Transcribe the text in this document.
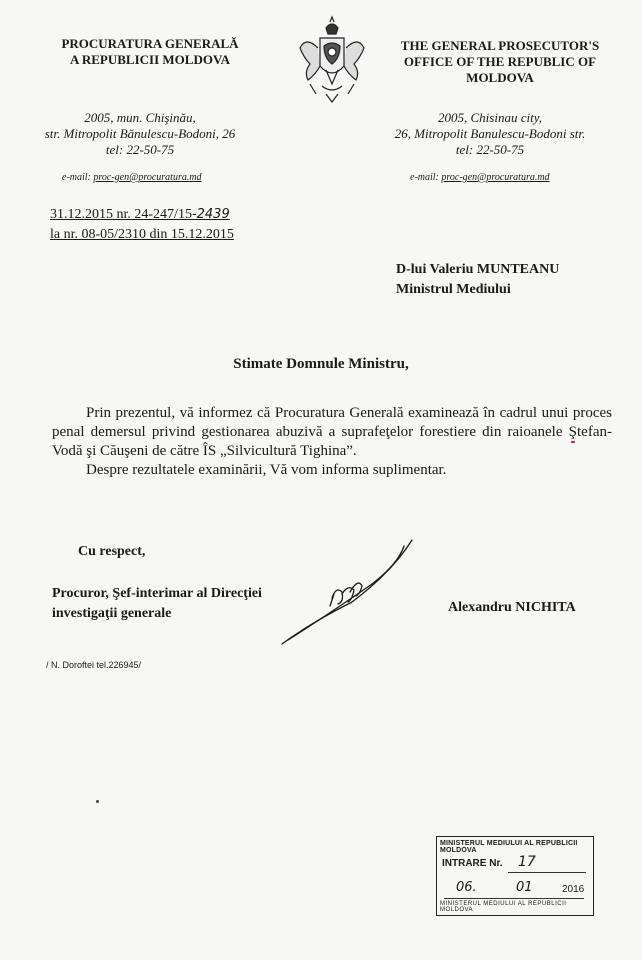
PROCURATURA GENERALĂ
A REPUBLICII MOLDOVA
THE GENERAL PROSECUTOR'S
OFFICE OF THE REPUBLIC OF
MOLDOVA
2005, mun. Chişinău,
str. Mitropolit Bănulescu-Bodoni, 26
tel: 22-50-75
2005, Chisinau city,
26, Mitropolit Banulescu-Bodoni str.
tel: 22-50-75
e-mail: proc-gen@procuratura.md	e-mail: proc-gen@procuratura.md
31.12.2015 nr. 24-247/15-2439
la nr. 08-05/2310 din 15.12.2015
D-lui Valeriu MUNTEANU
Ministrul Mediului
Stimate Domnule Ministru,

Prin prezentul, vă informez că Procuratura Generală examinează în cadrul unui proces penal demersul privind gestionarea abuzivă a suprafeţelor forestiere din raioanele Ştefan-Vodă şi Căuşeni de către ÎS „Silvicultură Tighina”.

Despre rezultatele examinării, Vă vom informa suplimentar.

Cu respect,
Procuror, Şef-interimar al Direcţiei
investigaţii generale	Alexandru NICHITA
/ N. Doroftei tel.226945/
MINISTERUL MEDIULUI AL REPUBLICII MOLDOVA
INTRARE Nr. 17
06.	01	2016
MINISTERUL MEDIULUI AL REPUBLICII MOLDOVA
